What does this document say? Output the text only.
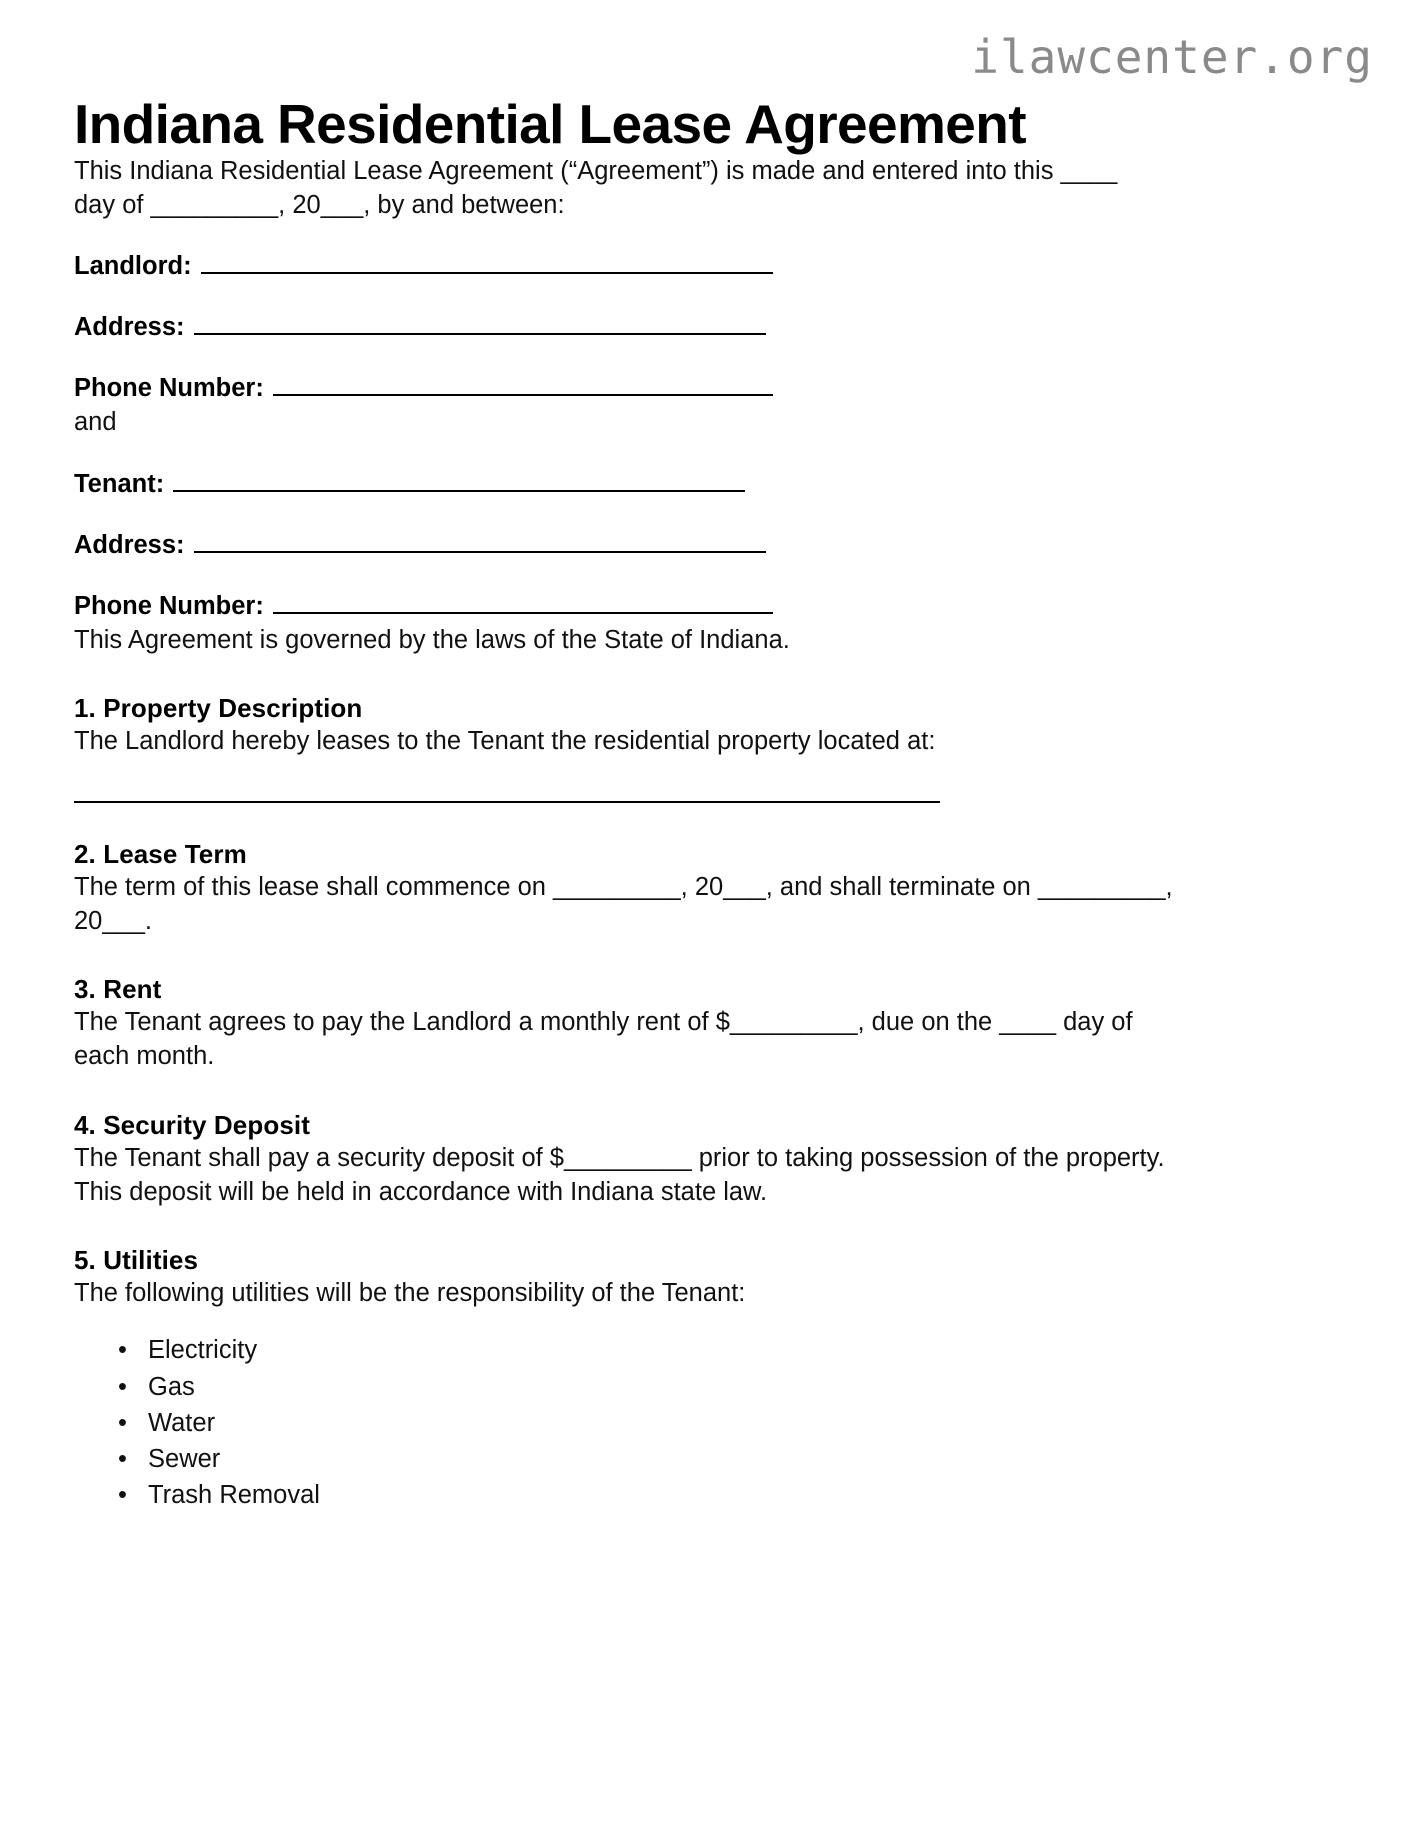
ilawcenter.org
Indiana Residential Lease Agreement

This Indiana Residential Lease Agreement (“Agreement”) is made and entered into this ____ day of _________, 20___, by and between:

Landlord:
Address:
Phone Number:

and

Tenant:
Address:
Phone Number:

This Agreement is governed by the laws of the State of Indiana.

1. Property Description

The Landlord hereby leases to the Tenant the residential property located at:

2. Lease Term

The term of this lease shall commence on _________, 20___, and shall terminate on _________, 20___.

3. Rent

The Tenant agrees to pay the Landlord a monthly rent of $_________, due on the ____ day of each month.

4. Security Deposit

The Tenant shall pay a security deposit of $_________ prior to taking possession of the property. This deposit will be held in accordance with Indiana state law.

5. Utilities

The following utilities will be the responsibility of the Tenant:

• Electricity
• Gas
• Water
• Sewer
• Trash Removal
